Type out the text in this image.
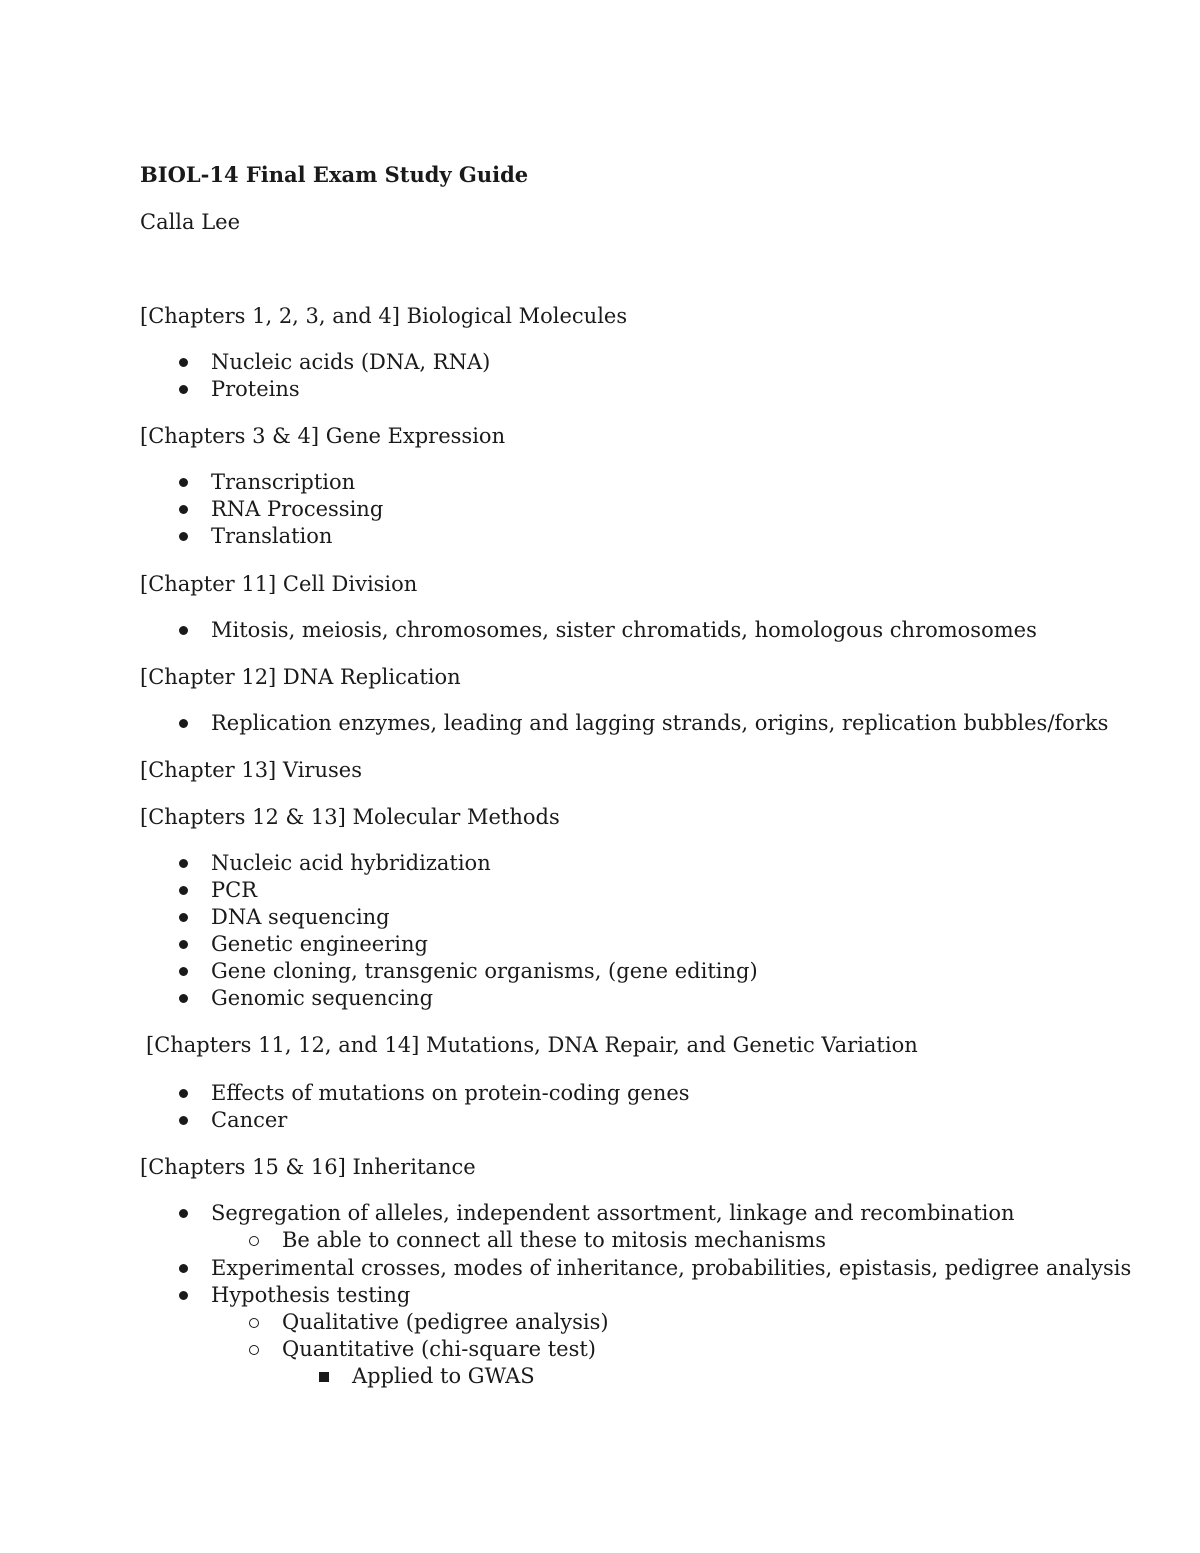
BIOL-14 Final Exam Study Guide
Calla Lee
[Chapters 1, 2, 3, and 4] Biological Molecules
Nucleic acids (DNA, RNA)
Proteins
[Chapters 3 & 4] Gene Expression
Transcription
RNA Processing
Translation
[Chapter 11] Cell Division
Mitosis, meiosis, chromosomes, sister chromatids, homologous chromosomes
[Chapter 12] DNA Replication
Replication enzymes, leading and lagging strands, origins, replication bubbles/forks
[Chapter 13] Viruses
[Chapters 12 & 13] Molecular Methods
Nucleic acid hybridization
PCR
DNA sequencing
Genetic engineering
Gene cloning, transgenic organisms, (gene editing)
Genomic sequencing
[Chapters 11, 12, and 14] Mutations, DNA Repair, and Genetic Variation
Effects of mutations on protein-coding genes
Cancer
[Chapters 15 & 16] Inheritance
Segregation of alleles, independent assortment, linkage and recombination
Be able to connect all these to mitosis mechanisms
Experimental crosses, modes of inheritance, probabilities, epistasis, pedigree analysis
Hypothesis testing
Qualitative (pedigree analysis)
Quantitative (chi-square test)
Applied to GWAS
